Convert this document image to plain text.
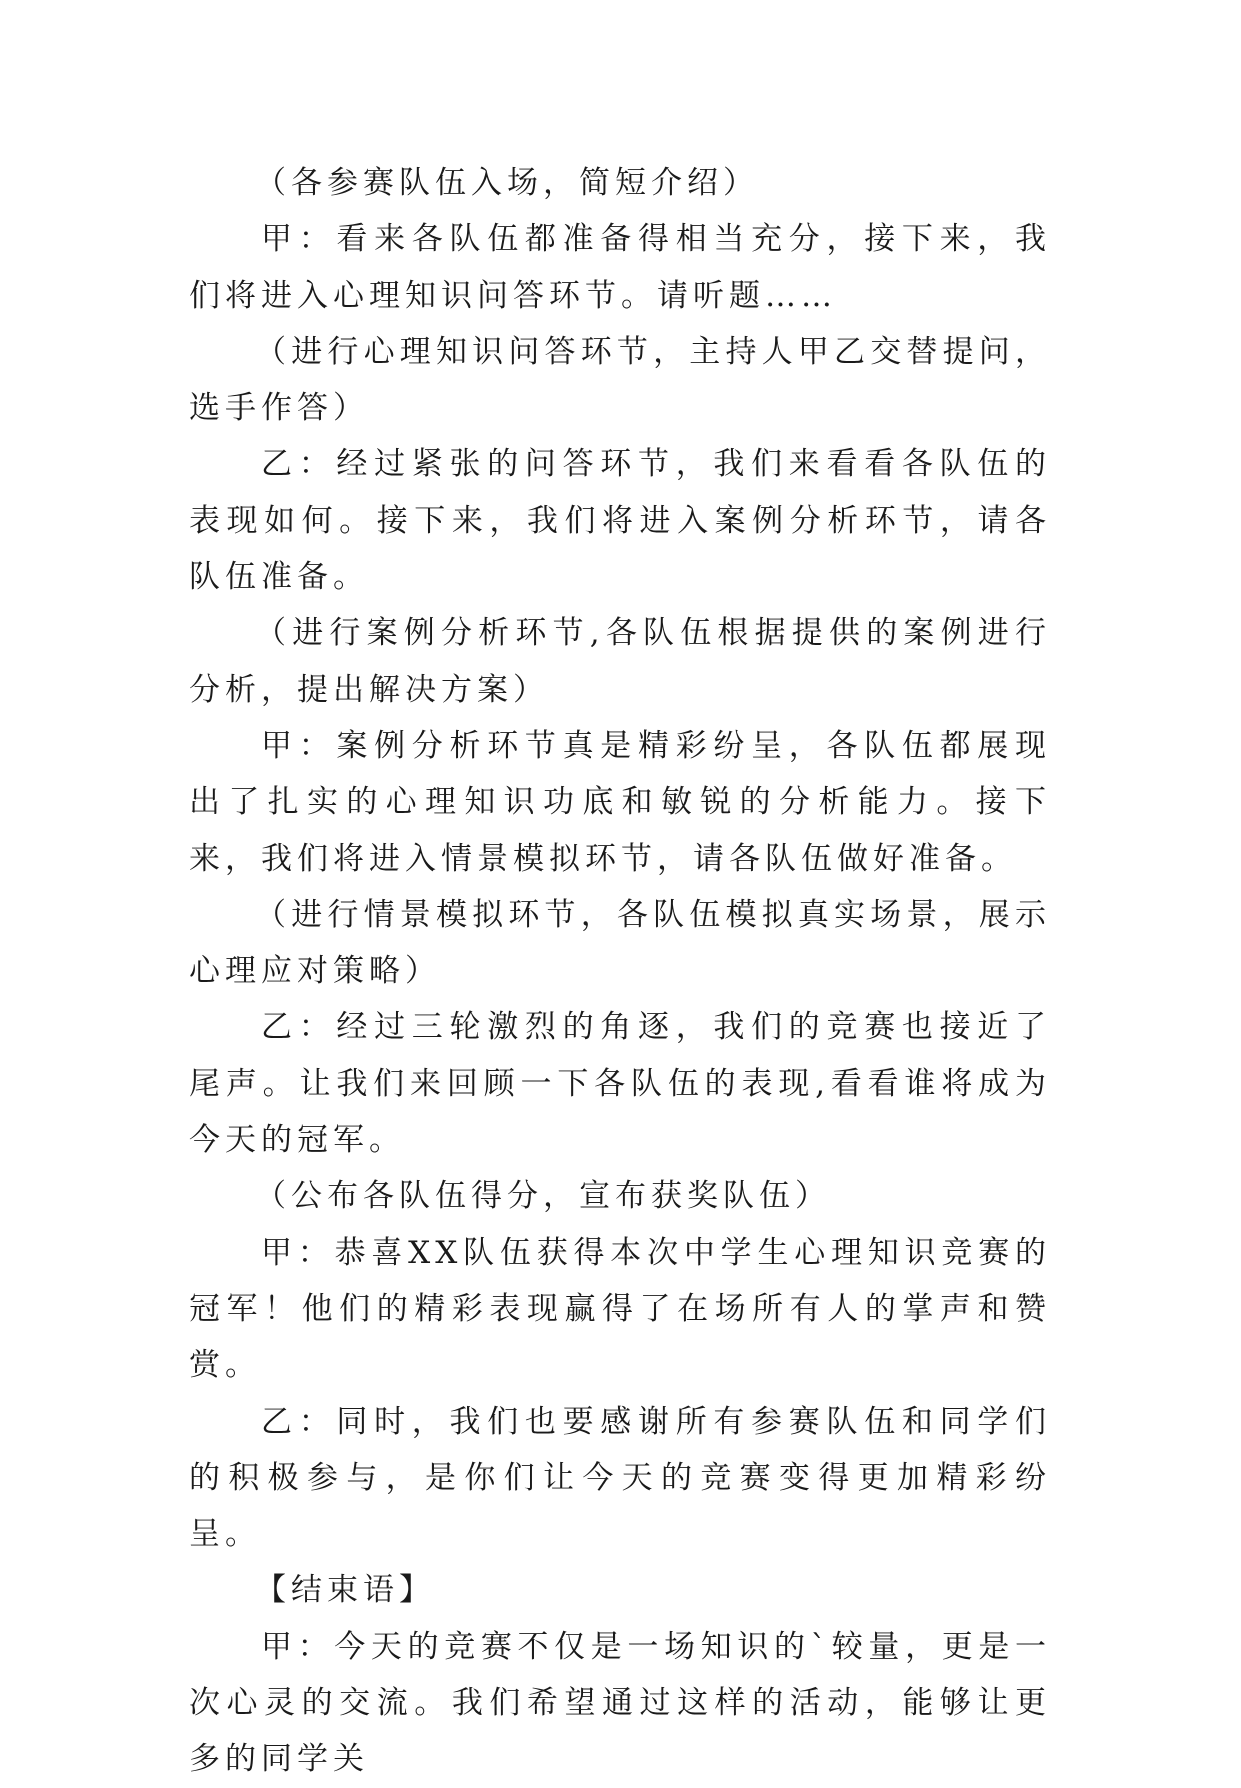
（各参赛队伍入场，简短介绍）

甲：看来各队伍都准备得相当充分，接下来，我们将进入心理知识问答环节。请听题……

（进行心理知识问答环节，主持人甲乙交替提问，选手作答）

乙：经过紧张的问答环节，我们来看看各队伍的表现如何。接下来，我们将进入案例分析环节，请各队伍准备。

（进行案例分析环节,各队伍根据提供的案例进行分析，提出解决方案）

甲：案例分析环节真是精彩纷呈，各队伍都展现出了扎实的心理知识功底和敏锐的分析能力。接下来，我们将进入情景模拟环节，请各队伍做好准备。

（进行情景模拟环节，各队伍模拟真实场景，展示心理应对策略）

乙：经过三轮激烈的角逐，我们的竞赛也接近了尾声。让我们来回顾一下各队伍的表现,看看谁将成为今天的冠军。

（公布各队伍得分，宣布获奖队伍）

甲：恭喜XX队伍获得本次中学生心理知识竞赛的冠军！他们的精彩表现赢得了在场所有人的掌声和赞赏。

乙：同时，我们也要感谢所有参赛队伍和同学们的积极参与，是你们让今天的竞赛变得更加精彩纷呈。

【结束语】

甲：今天的竞赛不仅是一场知识的`较量，更是一次心灵的交流。我们希望通过这样的活动，能够让更多的同学关
